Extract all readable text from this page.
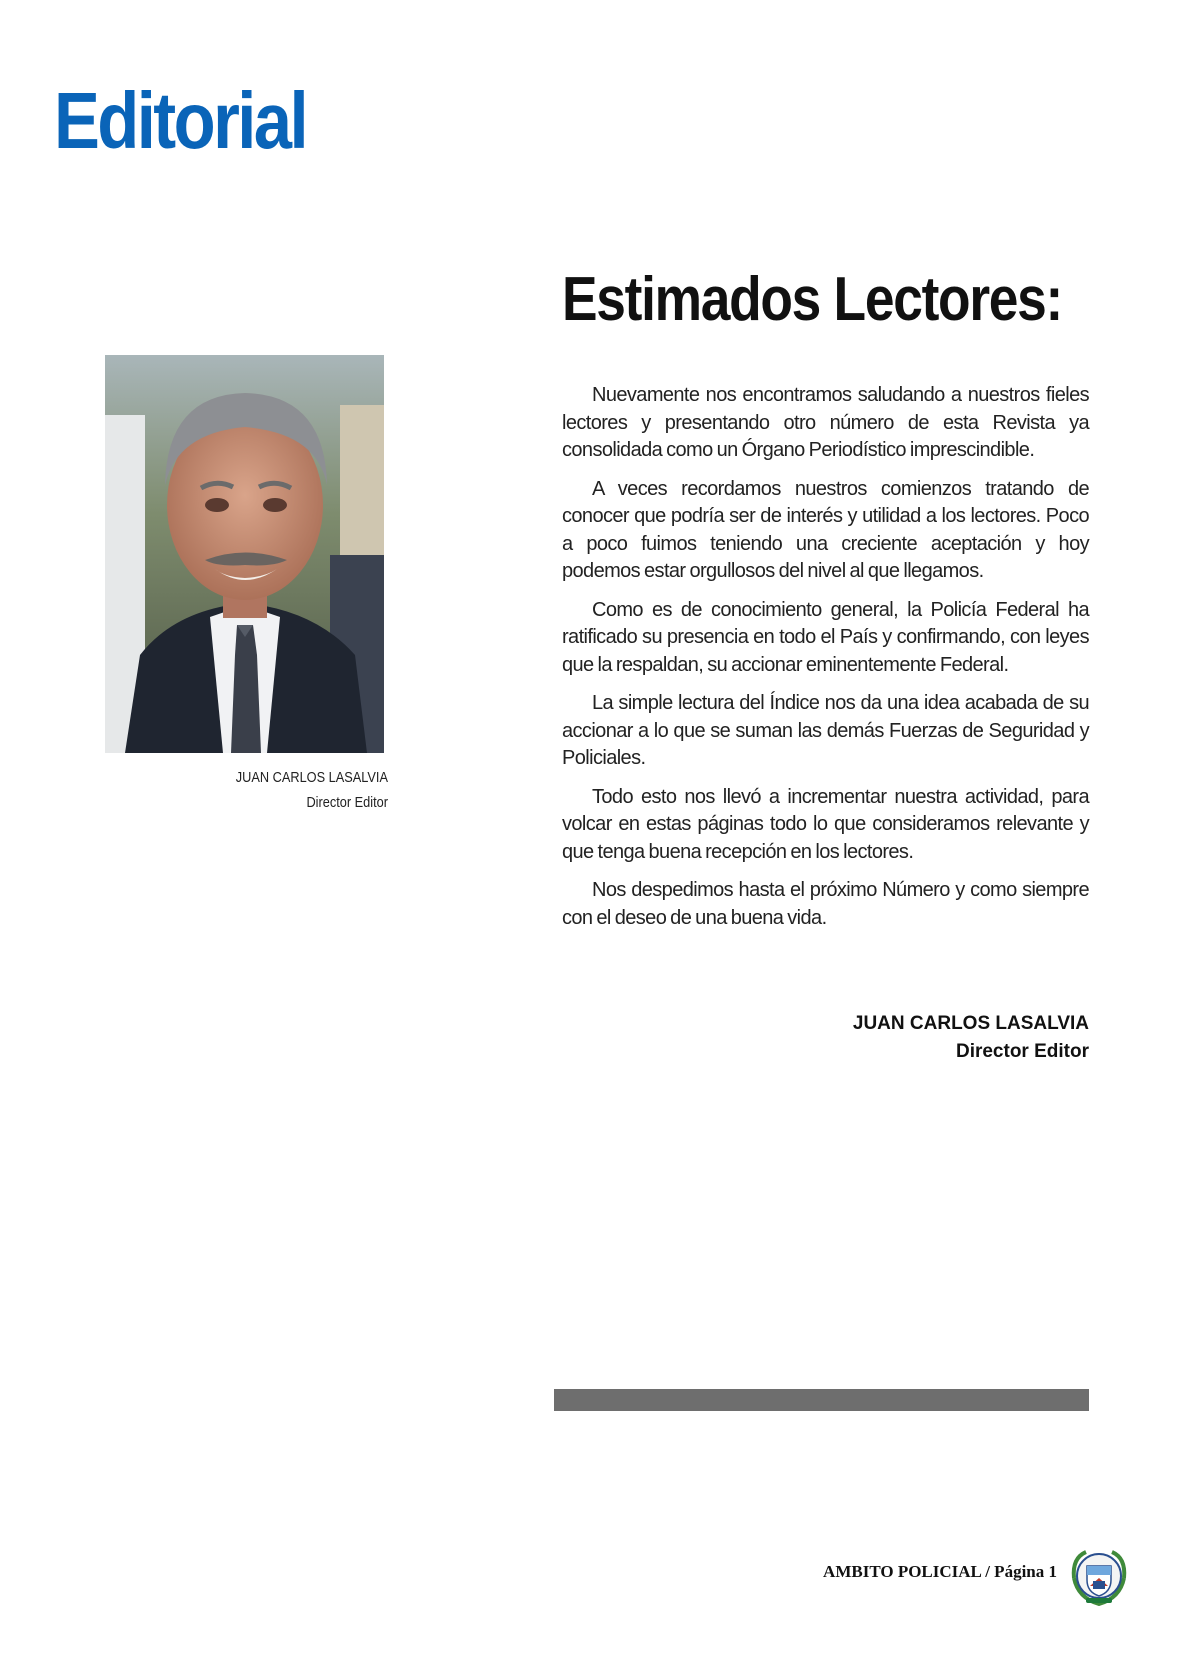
Editorial
JUAN CARLOS LASALVIA
Director Editor
Estimados Lectores:

Nuevamente nos encontramos saludando a nuestros fieles lectores y presentando otro número de esta Revista ya consolidada como un Órgano Periodístico imprescindible.

A veces recordamos nuestros comienzos tratando de conocer que podría ser de interés y utilidad a los lectores. Poco a poco fuimos teniendo una creciente aceptación y hoy podemos estar orgullosos del nivel al que llegamos.

Como es de conocimiento general, la Policía Federal ha ratificado su presencia en todo el País y confirmando, con leyes que la respaldan, su accionar eminentemente Federal.

La simple lectura del Índice nos da una idea acabada de su accionar a lo que se suman las demás Fuerzas de Seguridad y Policiales.

Todo esto nos llevó a incrementar nuestra actividad, para volcar en estas páginas todo lo que consideramos relevante y que tenga buena recepción en los lectores.

Nos despedimos hasta el próximo Número y como siempre con el deseo de una buena vida.

JUAN CARLOS LASALVIA
Director Editor
AMBITO POLICIAL / Página 1
